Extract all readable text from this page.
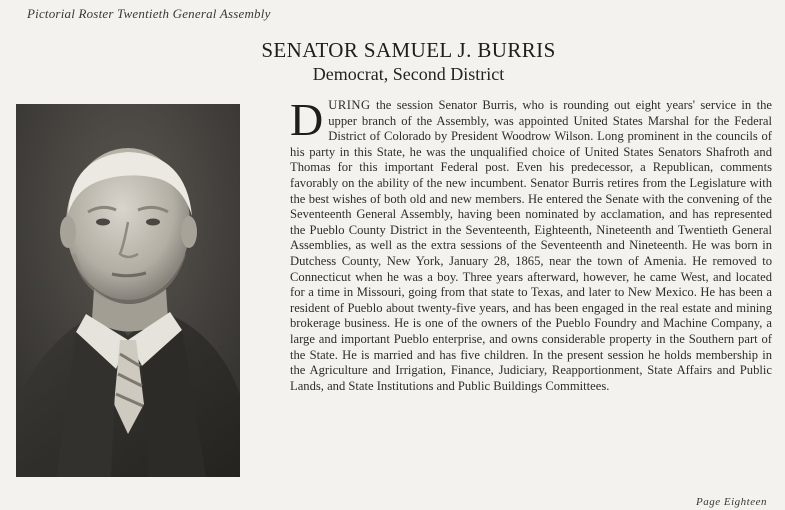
Pictorial Roster Twentieth General Assembly
SENATOR SAMUEL J. BURRIS
Democrat, Second District
DURING the session Senator Burris, who is rounding out eight years' service in the upper branch of the Assembly, was appointed United States Marshal for the Federal District of Colorado by President Woodrow Wilson. Long prominent in the councils of his party in this State, he was the unqualified choice of United States Senators Shafroth and Thomas for this important Federal post. Even his predecessor, a Republican, comments favorably on the ability of the new incumbent. Senator Burris retires from the Legislature with the best wishes of both old and new members. He entered the Senate with the convening of the Seventeenth General Assembly, having been nominated by acclamation, and has represented the Pueblo County District in the Seventeenth, Eighteenth, Nineteenth and Twentieth General Assemblies, as well as the extra sessions of the Seventeenth and Nineteenth. He was born in Dutchess County, New York, January 28, 1865, near the town of Amenia. He removed to Connecticut when he was a boy. Three years afterward, however, he came West, and located for a time in Missouri, going from that state to Texas, and later to New Mexico. He has been a resident of Pueblo about twenty-five years, and has been engaged in the real estate and mining brokerage business. He is one of the owners of the Pueblo Foundry and Machine Company, a large and important Pueblo enterprise, and owns considerable property in the Southern part of the State. He is married and has five children. In the present session he holds membership in the Agriculture and Irrigation, Finance, Judiciary, Reapportionment, State Affairs and Public Lands, and State Institutions and Public Buildings Committees.
Page Eighteen
